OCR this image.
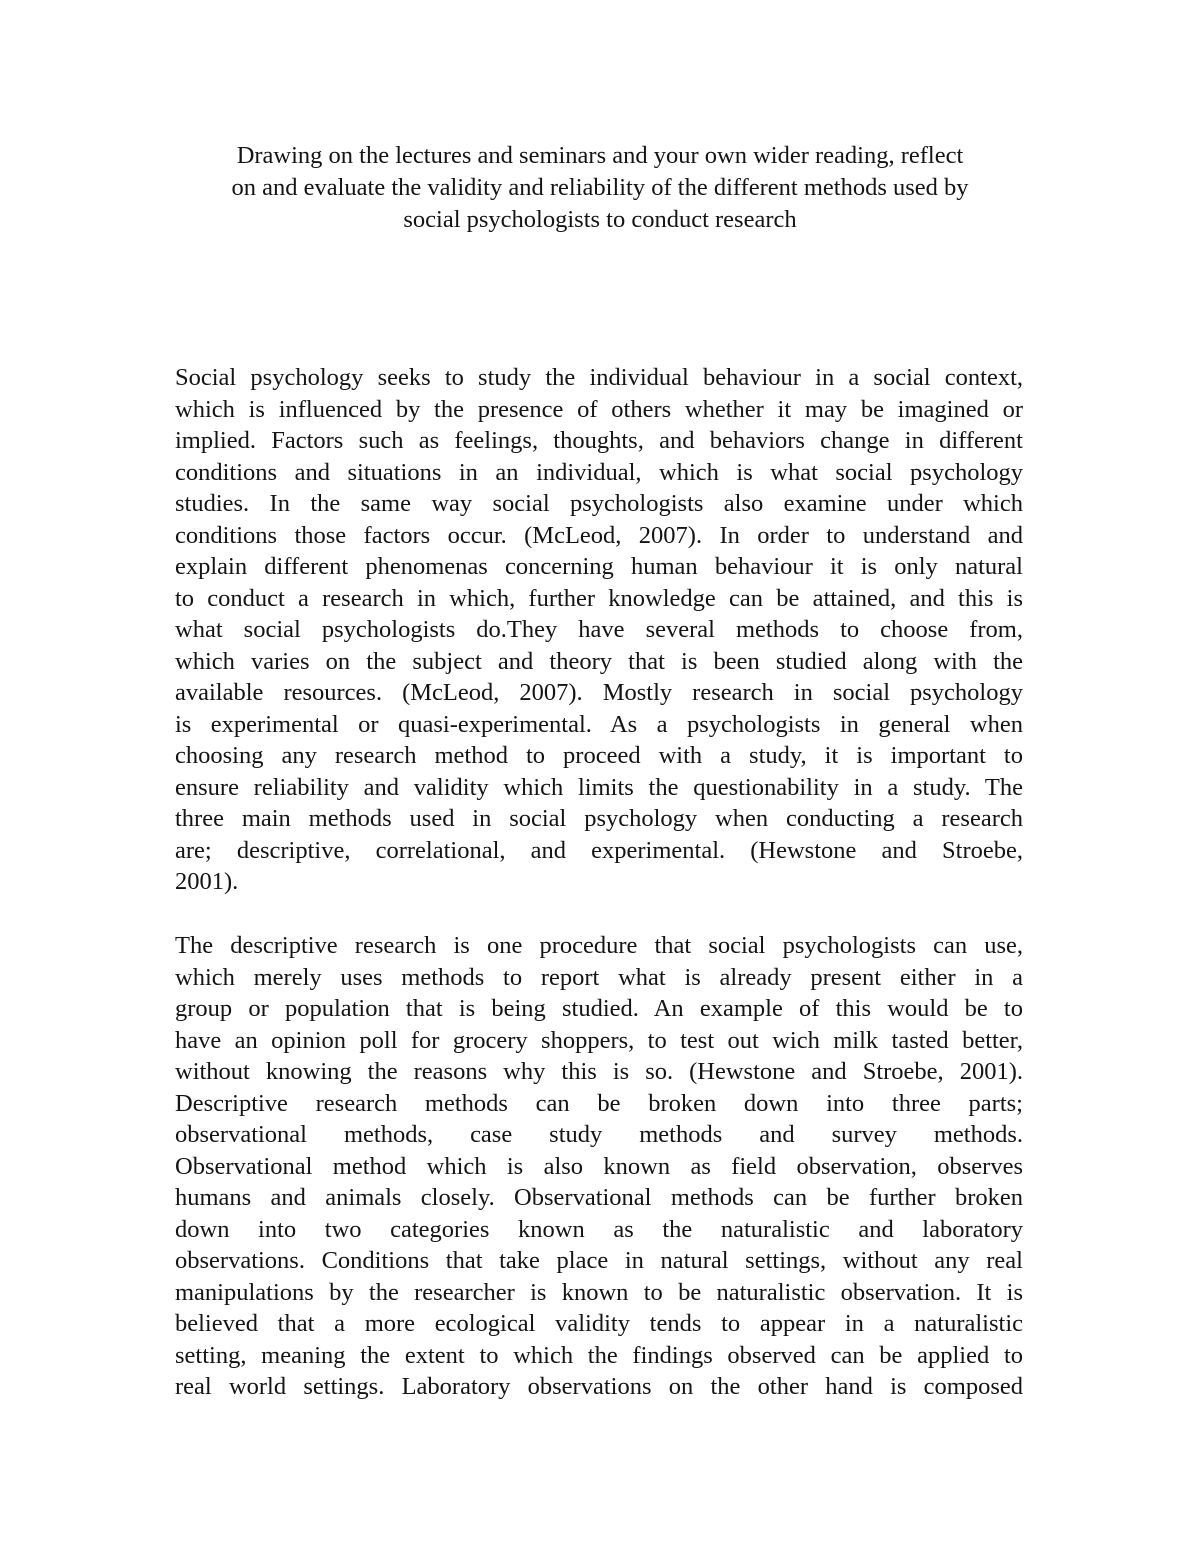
Drawing on the lectures and seminars and your own wider reading, reflect
on and evaluate the validity and reliability of the different methods used by
social psychologists to conduct research

Social psychology seeks to study the individual behaviour in a social context,
which is influenced by the presence of others whether it may be imagined or
implied. Factors such as feelings, thoughts, and behaviors change in different
conditions and situations in an individual, which is what social psychology
studies. In the same way social psychologists also examine under which
conditions those factors occur. (McLeod, 2007). In order to understand and
explain different phenomenas concerning human behaviour it is only natural
to conduct a research in which, further knowledge can be attained, and this is
what social psychologists do.They have several methods to choose from,
which varies on the subject and theory that is been studied along with the
available resources. (McLeod, 2007). Mostly research in social psychology
is experimental or quasi-experimental. As a psychologists in general when
choosing any research method to proceed with a study, it is important to
ensure reliability and validity which limits the questionability in a study. The
three main methods used in social psychology when conducting a research
are; descriptive, correlational, and experimental. (Hewstone and Stroebe,
2001).

The descriptive research is one procedure that social psychologists can use,
which merely uses methods to report what is already present either in a
group or population that is being studied. An example of this would be to
have an opinion poll for grocery shoppers, to test out wich milk tasted better,
without knowing the reasons why this is so. (Hewstone and Stroebe, 2001).
Descriptive research methods can be broken down into three parts;
observational methods, case study methods and survey methods.
Observational method which is also known as field observation, observes
humans and animals closely. Observational methods can be further broken
down into two categories known as the naturalistic and laboratory
observations. Conditions that take place in natural settings, without any real
manipulations by the researcher is known to be naturalistic observation. It is
believed that a more ecological validity tends to appear in a naturalistic
setting, meaning the extent to which the findings observed can be applied to
real world settings. Laboratory observations on the other hand is composed
